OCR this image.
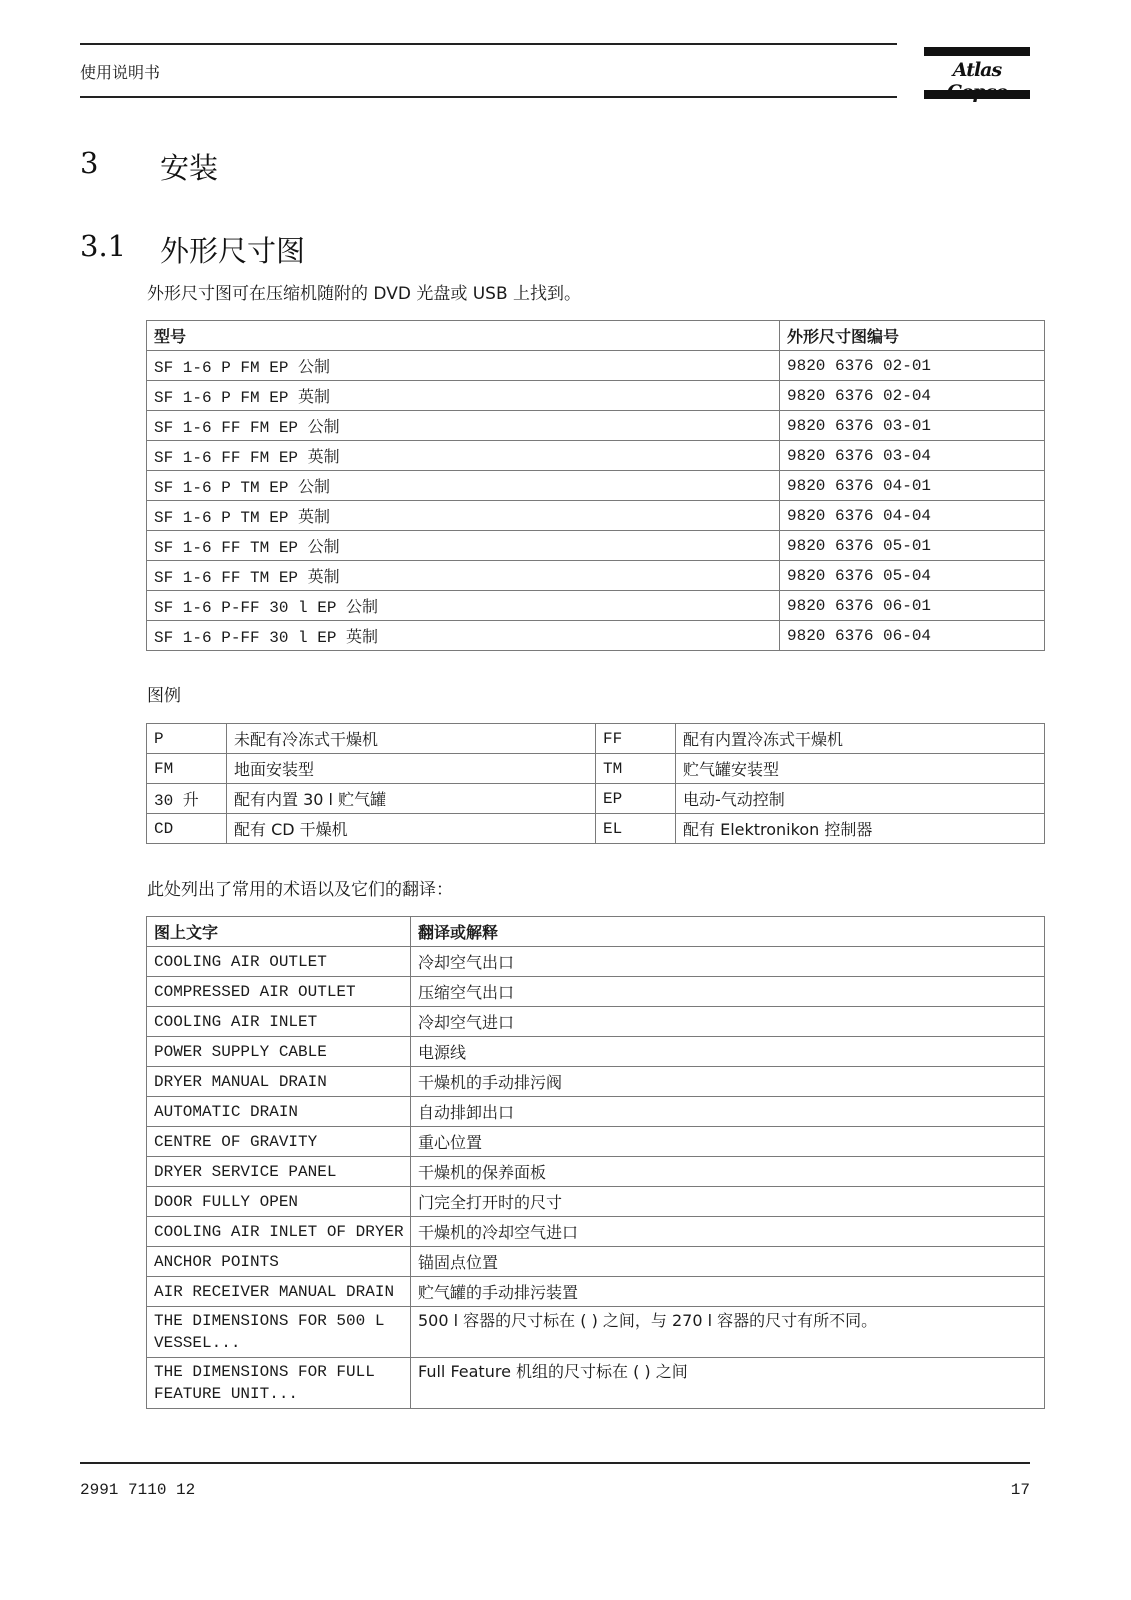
使用说明书	Atlas
3 安装
3.1 外形尺寸图
外形尺寸图可在压缩机随附的 DVD 光盘或 USB 上找到。
型号	外形尺寸图编号
SF 1-6 P FM EP 公制	9820 6376 02-01
SF 1-6 P FM EP 英制	9820 6376 02-04
SF 1-6 FF FM EP 公制	9820 6376 03-01
SF 1-6 FF FM EP 英制	9820 6376 03-04
SF 1-6 P TM EP 公制	9820 6376 04-01
SF 1-6 P TM EP 英制	9820 6376 04-04
SF 1-6 FF TM EP 公制	9820 6376 05-01
SF 1-6 FF TM EP 英制	9820 6376 05-04
SF 1-6 P-FF 30 l EP 公制	9820 6376 06-01
SF 1-6 P-FF 30 l EP 英制	9820 6376 06-04
图例
P	未配有冷冻式干燥机	FF	配有内置冷冻式干燥机
FM	地面安装型	TM	贮气罐安装型
30 升	配有内置 30 l 贮气罐	EP	电动-气动控制
CD	配有 CD 干燥机	EL	配有 Elektronikon 控制器
此处列出了常用的术语以及它们的翻译：
图上文字	翻译或解释
COOLING AIR OUTLET	冷却空气出口
COMPRESSED AIR OUTLET	压缩空气出口
COOLING AIR INLET	冷却空气进口
POWER SUPPLY CABLE	电源线
DRYER MANUAL DRAIN	干燥机的手动排污阀
AUTOMATIC DRAIN	自动排卸出口
CENTRE OF GRAVITY	重心位置
DRYER SERVICE PANEL	干燥机的保养面板
DOOR FULLY OPEN	门完全打开时的尺寸
COOLING AIR INLET OF DRYER	干燥机的冷却空气进口
ANCHOR POINTS	锚固点位置
AIR RECEIVER MANUAL DRAIN	贮气罐的手动排污装置
THE DIMENSIONS FOR 500 L VESSEL...	500 l 容器的尺寸标在 ( ) 之间，与 270 l 容器的尺寸有所不同。
THE DIMENSIONS FOR FULL FEATURE UNIT...	Full Feature 机组的尺寸标在 ( ) 之间
2991 7110 12	17
